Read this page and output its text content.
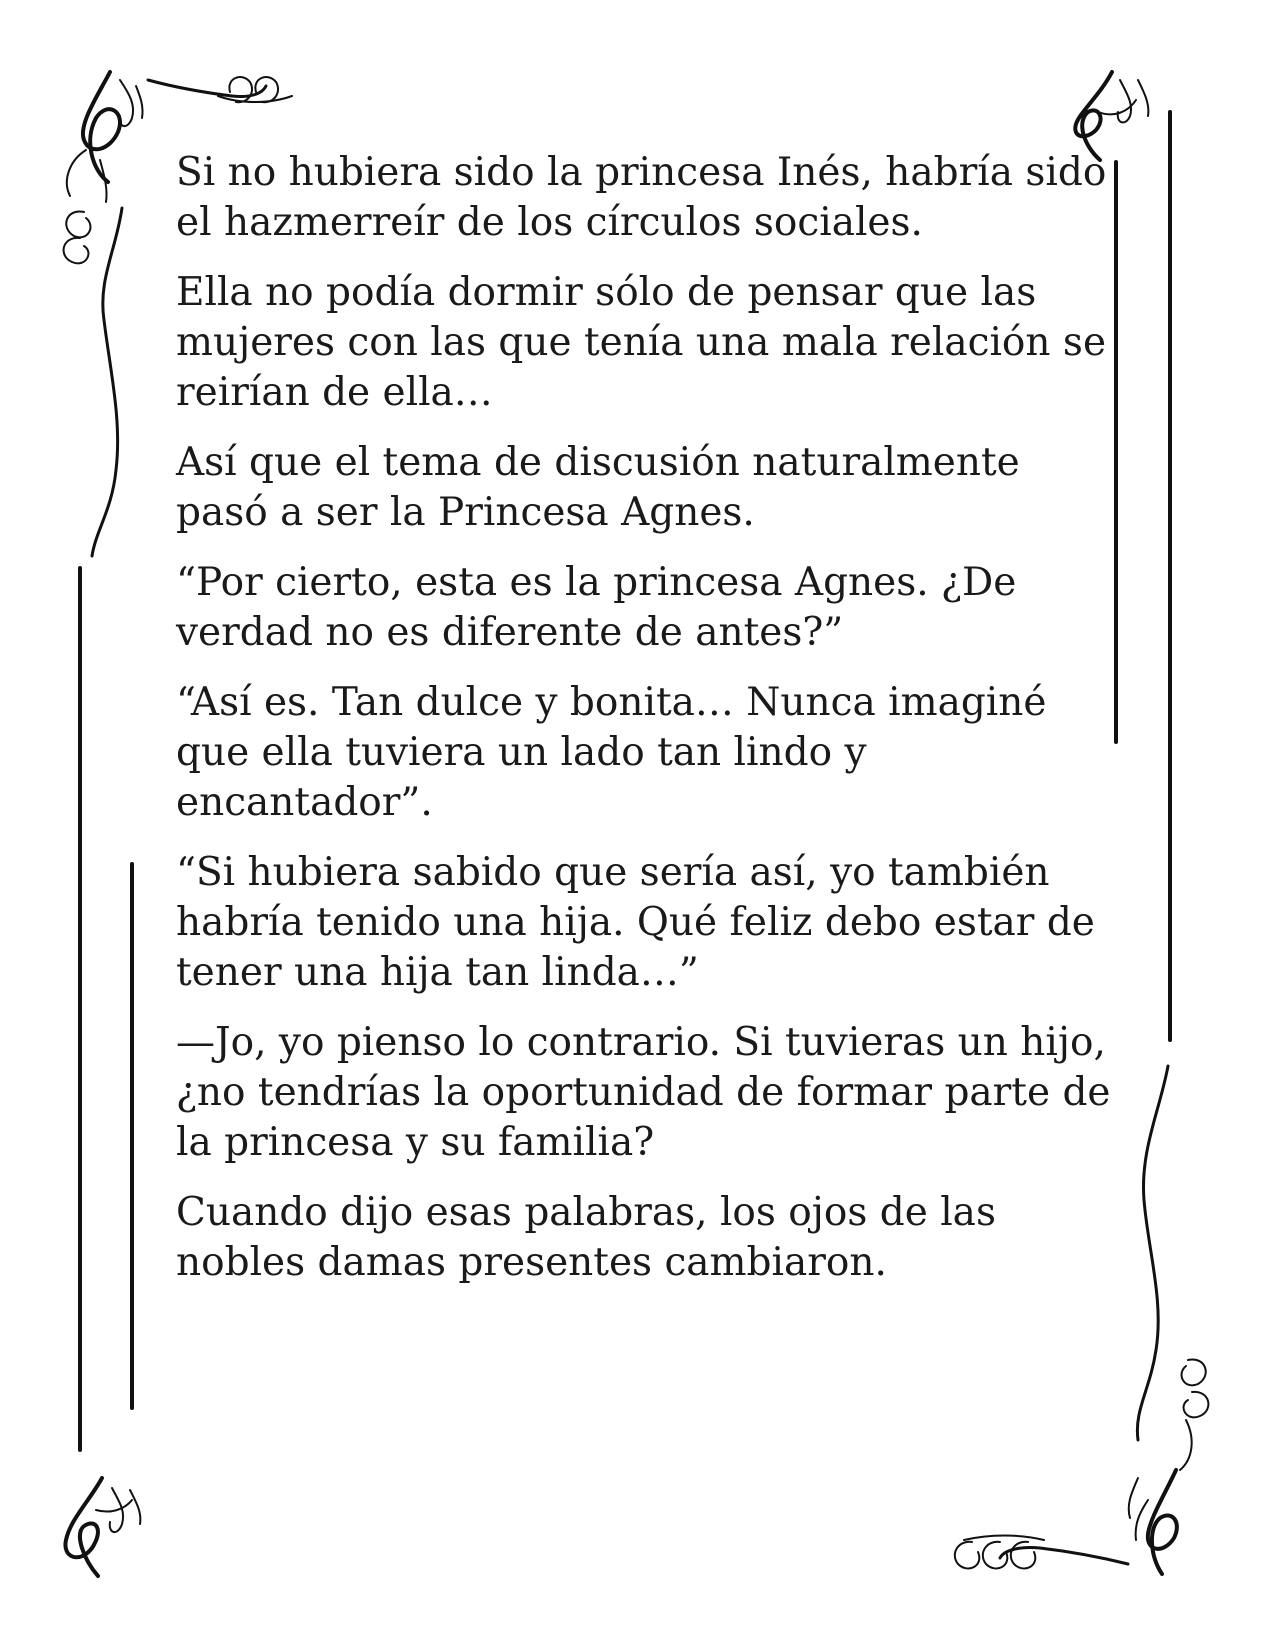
Si no hubiera sido la princesa Inés, habría sido
el hazmerreír de los círculos sociales.

Ella no podía dormir sólo de pensar que las
mujeres con las que tenía una mala relación se
reirían de ella…

Así que el tema de discusión naturalmente
pasó a ser la Princesa Agnes.

“Por cierto, esta es la princesa Agnes. ¿De
verdad no es diferente de antes?”

“Así es. Tan dulce y bonita… Nunca imaginé
que ella tuviera un lado tan lindo y
encantador”.

“Si hubiera sabido que sería así, yo también
habría tenido una hija. Qué feliz debo estar de
tener una hija tan linda…”

—Jo, yo pienso lo contrario. Si tuvieras un hijo,
¿no tendrías la oportunidad de formar parte de
la princesa y su familia?

Cuando dijo esas palabras, los ojos de las
nobles damas presentes cambiaron.
